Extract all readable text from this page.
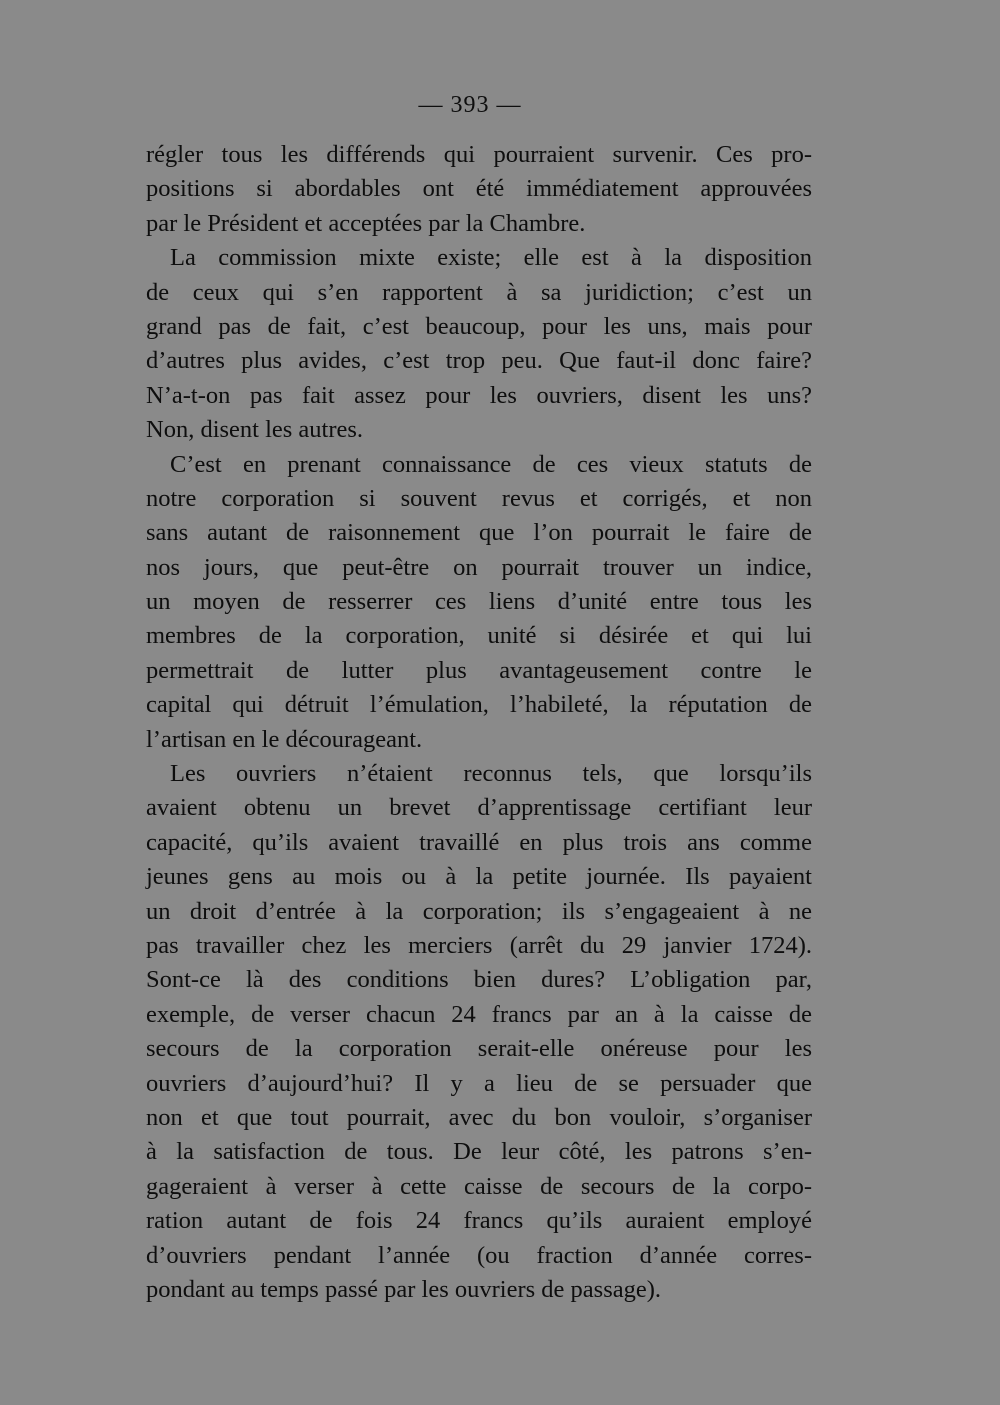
— 393 —
régler tous les différends qui pourraient survenir. Ces pro-
positions si abordables ont été immédiatement approuvées
par le Président et acceptées par la Chambre.
La commission mixte existe; elle est à la disposition
de ceux qui s’en rapportent à sa juridiction; c’est un
grand pas de fait, c’est beaucoup, pour les uns, mais pour
d’autres plus avides, c’est trop peu. Que faut-il donc faire?
N’a-t-on pas fait assez pour les ouvriers, disent les uns?
Non, disent les autres.
C’est en prenant connaissance de ces vieux statuts de
notre corporation si souvent revus et corrigés, et non
sans autant de raisonnement que l’on pourrait le faire de
nos jours, que peut-être on pourrait trouver un indice,
un moyen de resserrer ces liens d’unité entre tous les
membres de la corporation, unité si désirée et qui lui
permettrait de lutter plus avantageusement contre le
capital qui détruit l’émulation, l’habileté, la réputation de
l’artisan en le décourageant.
Les ouvriers n’étaient reconnus tels, que lorsqu’ils
avaient obtenu un brevet d’apprentissage certifiant leur
capacité, qu’ils avaient travaillé en plus trois ans comme
jeunes gens au mois ou à la petite journée. Ils payaient
un droit d’entrée à la corporation; ils s’engageaient à ne
pas travailler chez les merciers (arrêt du 29 janvier 1724).
Sont-ce là des conditions bien dures? L’obligation par,
exemple, de verser chacun 24 francs par an à la caisse de
secours de la corporation serait-elle onéreuse pour les
ouvriers d’aujourd’hui? Il y a lieu de se persuader que
non et que tout pourrait, avec du bon vouloir, s’organiser
à la satisfaction de tous. De leur côté, les patrons s’en-
gageraient à verser à cette caisse de secours de la corpo-
ration autant de fois 24 francs qu’ils auraient employé
d’ouvriers pendant l’année (ou fraction d’année corres-
pondant au temps passé par les ouvriers de passage).
